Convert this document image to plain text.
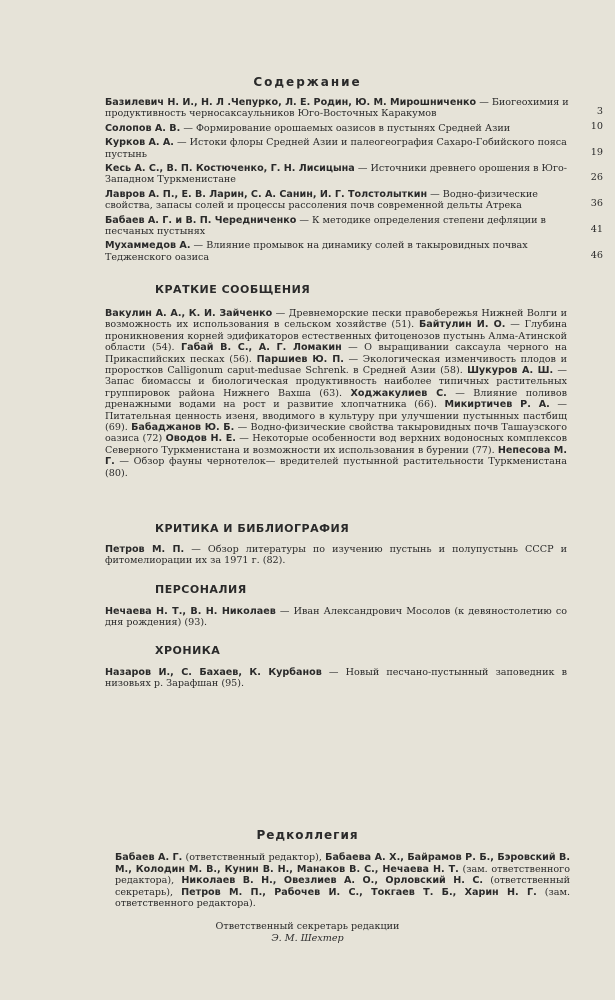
Содержание
Базилевич Н. И., Н. Л .Чепурко, Л. Е. Родин, Ю. М. Мирошниченко — Биогеохимия и продуктивность черносаксаульников Юго-Восточных Каракумов	3
Солопов А. В. — Формирование орошаемых оазисов в пустынях Средней Азии	10
Курков А. А. — Истоки флоры Средней Азии и палеогеография Сахаро-Гобийского пояса пустынь	19
Кесь А. С., В. П. Костюченко, Г. Н. Лисицына — Источники древнего орошения в Юго-Западном Туркменистане	26
Лавров А. П., Е. В. Ларин, С. А. Санин, И. Г. Толстолыткин — Водно-физические свойства, запасы солей и процессы рассоления почв современной дельты Атрека	36
Бабаев А. Г. и В. П. Чередниченко — К методике определения степени дефляции в песчаных пустынях	41
Мухаммедов А. — Влияние промывок на динамику солей в такыровидных почвах Теджeнского оазиса	46
КРАТКИЕ СООБЩЕНИЯ
Вакулин А. А., К. И. Зайченко — Древнеморские пески правобережья Нижней Волги и возможность их использования в сельском хозяйстве (51). Байтулин И. О. — Глубина проникновения корней эдификаторов естественных фитоценозов пустынь Алма-Атинской области (54). Габай В. С., А. Г. Ломакин — О выращивании саксаула черного на Прикаспийских песках (56). Паршиев Ю. П. — Экологическая изменчивость плодов и проростков Calligonum caput-medusae Schrenk. в Средней Азии (58). Шукуров А. Ш. — Запас биомассы и биологическая продуктивность наиболее типичных растительных группировок района Нижнего Вахша (63). Ходжакулиев С. — Влияние поливов дренажными водами на рост и развитие хлопчатника (66). Микиртичев Р. А. — Питательная ценность изеня, вводимого в культуру при улучшении пустынных пастбищ (69). Бабаджанов Ю. Б. — Водно-физические свойства такыровидных почв Ташаузского оазиса (72) Оводов Н. Е. — Некоторые особенности вод верхних водоносных комплексов Северного Туркменистана и возможности их использования в бурении (77). Непесова М. Г. — Обзор фауны чернотелок— вредителей пустынной растительности Туркменистана (80).
КРИТИКА И БИБЛИОГРАФИЯ
Петров М. П. — Обзор литературы по изучению пустынь и полупустынь СССР и фитомелиорации их за 1971 г. (82).
ПЕРСОНАЛИЯ
Нечаева Н. Т., В. Н. Николаев — Иван Александрович Мосолов (к девяностолетию со дня рождения) (93).
ХРОНИКА
Назаров И., С. Бахаев, К. Курбанов — Новый песчано-пустынный заповедник в низовьях р. Зарафшан (95).
Редколлегия
Бабаев А. Г. (ответственный редактор), Бабаева А. Х., Байрамов Р. Б., Бэровский В. М., Колодин М. В., Кунин В. Н., Манаков В. С., Нечаева Н. Т. (зам. ответственного редактора), Николаев В. Н., Овезлиев А. О., Орловский Н. С. (ответственный секретарь), Петров М. П., Рабочев И. С., Токгаев Т. Б., Харин Н. Г. (зам. ответственного редактора).
Ответственный секретарь редакции
Э. М. Шехтер
